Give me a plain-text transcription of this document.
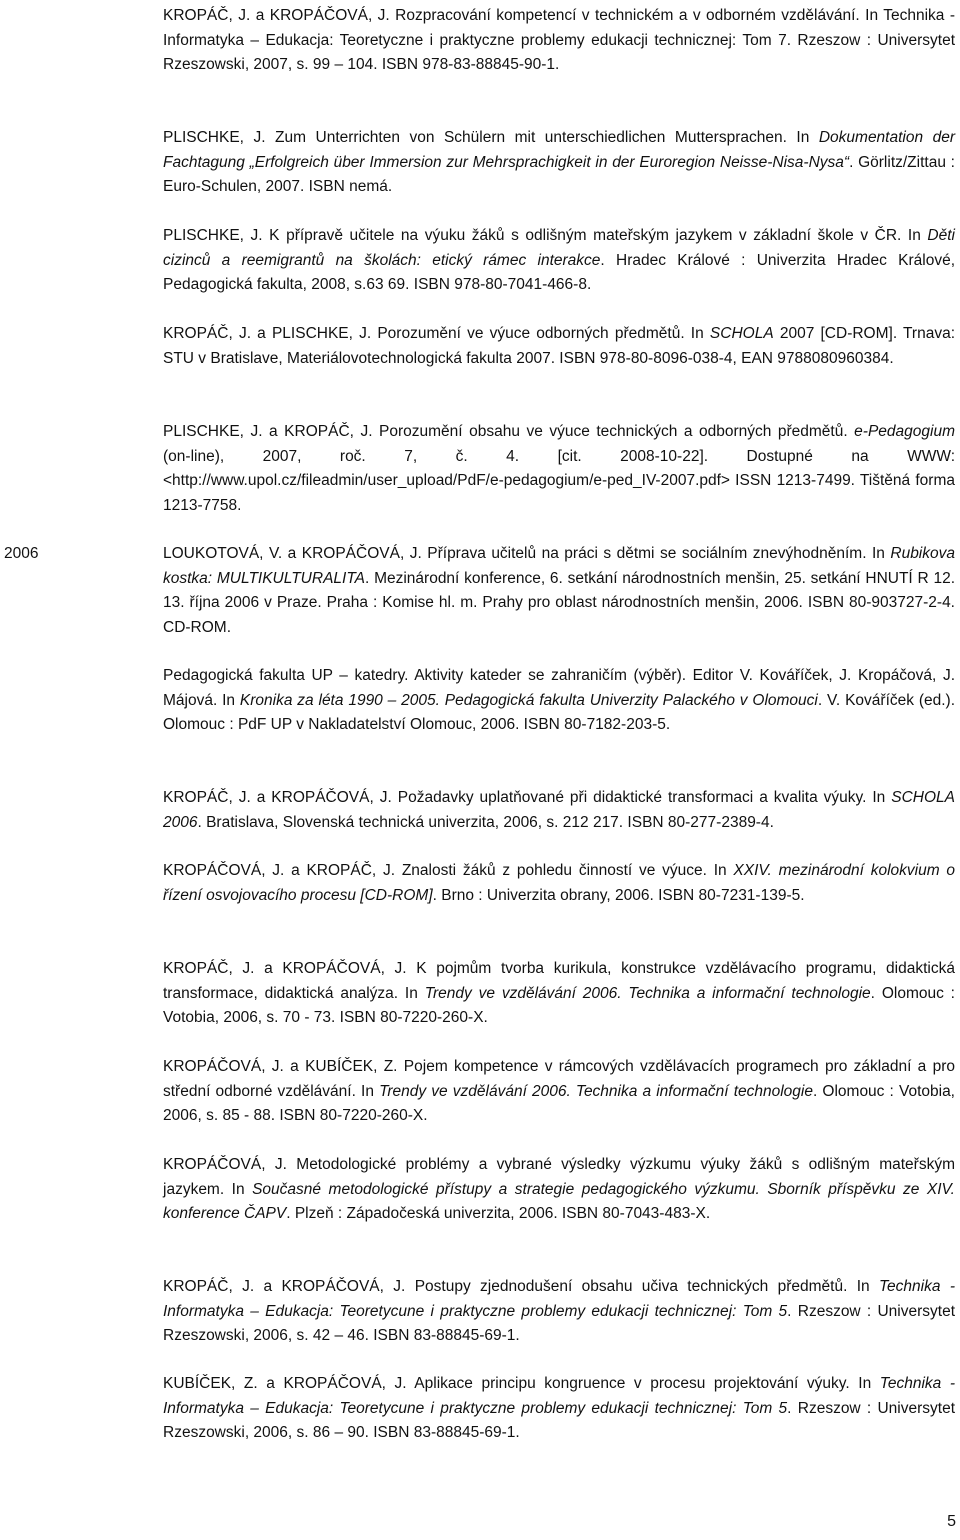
2006
KROPÁČ, J. a KROPÁČOVÁ, J. Rozpracování kompetencí v technickém a v odborném vzdělávání. In Technika - Informatyka – Edukacja: Teoretyczne i praktyczne problemy edukacji technicznej: Tom 7. Rzeszow : Universytet Rzeszowski, 2007, s. 99 – 104. ISBN 978-83-88845-90-1.
PLISCHKE, J. Zum Unterrichten von Schülern mit unterschiedlichen Muttersprachen. In Dokumentation der Fachtagung „Erfolgreich über Immersion zur Mehrsprachigkeit in der Euroregion Neisse-Nisa-Nysa“. Görlitz/Zittau : Euro-Schulen, 2007. ISBN nemá.
PLISCHKE, J. K přípravě učitele na výuku žáků s odlišným mateřským jazykem v základní škole v ČR. In Děti cizinců a reemigrantů na školách: etický rámec interakce. Hradec Králové : Univerzita Hradec Králové, Pedagogická fakulta, 2008, s.63 69. ISBN 978-80-7041-466-8.
KROPÁČ, J. a PLISCHKE, J. Porozumění ve výuce odborných předmětů. In SCHOLA 2007 [CD-ROM]. Trnava: STU v Bratislave, Materiálovotechnologická fakulta 2007. ISBN 978-80-8096-038-4, EAN 9788080960384.
PLISCHKE, J. a KROPÁČ, J. Porozumění obsahu ve výuce technických a odborných předmětů. e-Pedagogium (on-line), 2007, roč. 7, č. 4. [cit. 2008-10-22]. Dostupné na WWW: <http://www.upol.cz/fileadmin/user_upload/PdF/e-pedagogium/e-ped_IV-2007.pdf> ISSN 1213-7499. Tištěná forma 1213-7758.
LOUKOTOVÁ, V. a KROPÁČOVÁ, J. Příprava učitelů na práci s dětmi se sociálním znevýhodněním. In Rubikova kostka: MULTIKULTURALITA. Mezinárodní konference, 6. setkání národnostních menšin, 25. setkání HNUTÍ R 12. 13. října 2006 v Praze. Praha : Komise hl. m. Prahy pro oblast národnostních menšin, 2006. ISBN 80-903727-2-4. CD-ROM.
Pedagogická fakulta UP – katedry. Aktivity kateder se zahraničím (výběr). Editor V. Kováříček, J. Kropáčová, J. Májová. In Kronika za léta 1990 – 2005. Pedagogická fakulta Univerzity Palackého v Olomouci. V. Kováříček (ed.). Olomouc : PdF UP v Nakladatelství Olomouc, 2006. ISBN 80-7182-203-5.
KROPÁČ, J. a KROPÁČOVÁ, J. Požadavky uplatňované při didaktické transformaci a kvalita výuky. In SCHOLA 2006. Bratislava, Slovenská technická univerzita, 2006, s. 212 217. ISBN 80-277-2389-4.
KROPÁČOVÁ, J. a KROPÁČ, J. Znalosti žáků z pohledu činností ve výuce. In XXIV. mezinárodní kolokvium o řízení osvojovacího procesu [CD-ROM]. Brno : Univerzita obrany, 2006. ISBN 80-7231-139-5.
KROPÁČ, J. a KROPÁČOVÁ, J. K pojmům tvorba kurikula, konstrukce vzdělávacího programu, didaktická transformace, didaktická analýza. In Trendy ve vzdělávání 2006. Technika a informační technologie. Olomouc : Votobia, 2006, s. 70 - 73. ISBN 80-7220-260-X.
KROPÁČOVÁ, J. a KUBÍČEK, Z. Pojem kompetence v rámcových vzdělávacích programech pro základní a pro střední odborné vzdělávání. In Trendy ve vzdělávání 2006. Technika a informační technologie. Olomouc : Votobia, 2006, s. 85 - 88. ISBN 80-7220-260-X.
KROPÁČOVÁ, J. Metodologické problémy a vybrané výsledky výzkumu výuky žáků s odlišným mateřským jazykem. In Současné metodologické přístupy a strategie pedagogického výzkumu. Sborník příspěvku ze XIV. konference ČAPV. Plzeň : Západočeská univerzita, 2006. ISBN 80-7043-483-X.
KROPÁČ, J. a KROPÁČOVÁ, J. Postupy zjednodušení obsahu učiva technických předmětů. In Technika - Informatyka – Edukacja: Teoretycune i praktyczne problemy edukacji technicznej: Tom 5. Rzeszow : Universytet Rzeszowski, 2006, s. 42 – 46. ISBN 83-88845-69-1.
KUBÍČEK, Z. a KROPÁČOVÁ, J. Aplikace principu kongruence v procesu projektování výuky. In Technika - Informatyka – Edukacja: Teoretycune i praktyczne problemy edukacji technicznej: Tom 5. Rzeszow : Universytet Rzeszowski, 2006, s. 86 – 90. ISBN 83-88845-69-1.
5
